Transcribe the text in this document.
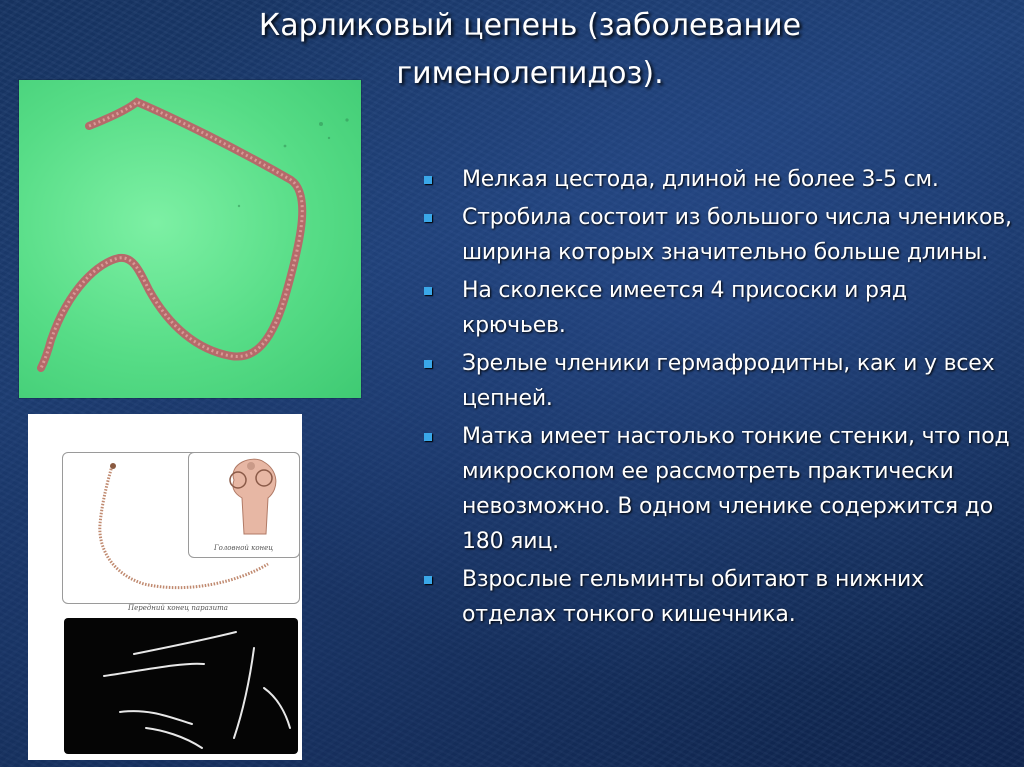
Карликовый цепень (заболевание
гименолепидоз).
Головной конец
Передний конец паразита
Мелкая цестода, длиной не более 3-5 см.
Стробила состоит из большого числа члеников, ширина которых значительно больше длины.
На сколексе имеется 4 присоски и ряд крючьев.
Зрелые членики гермафродитны, как и у всех цепней.
Матка имеет настолько тонкие стенки, что под микроскопом ее рассмотреть практически невозможно. В одном членике содержится до 180 яиц.
Взрослые гельминты обитают в нижних отделах тонкого кишечника.
